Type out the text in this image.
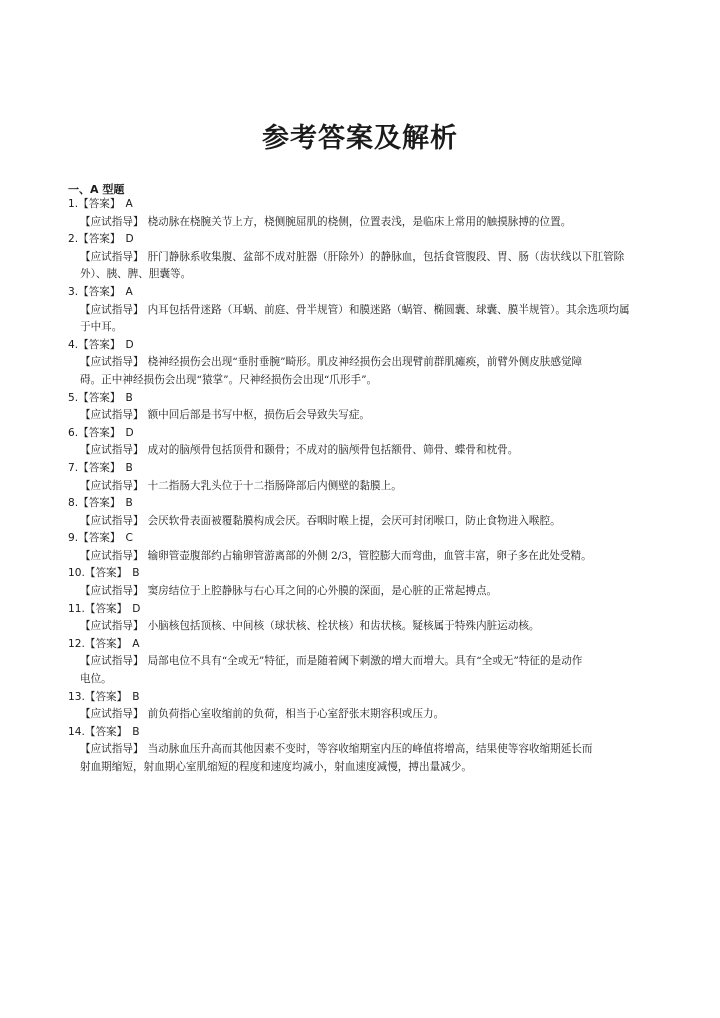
参考答案及解析
一、A 型题
1.【答案】 A
【应试指导】 桡动脉在桡腕关节上方，桡侧腕屈肌的桡侧，位置表浅，是临床上常用的触摸脉搏的位置。
2.【答案】 D
【应试指导】 肝门静脉系收集腹、盆部不成对脏器（肝除外）的静脉血，包括食管腹段、胃、肠（齿状线以下肛管除
外）、胰、脾、胆囊等。
3.【答案】 A
【应试指导】 内耳包括骨迷路（耳蜗、前庭、骨半规管）和膜迷路（蜗管、椭圆囊、球囊、膜半规管）。其余选项均属
于中耳。
4.【答案】 D
【应试指导】 桡神经损伤会出现“垂肘垂腕”畸形。肌皮神经损伤会出现臂前群肌瘫痪，前臂外侧皮肤感觉障
碍。正中神经损伤会出现“猿掌”。尺神经损伤会出现“爪形手”。
5.【答案】 B
【应试指导】 额中回后部是书写中枢，损伤后会导致失写症。
6.【答案】 D
【应试指导】 成对的脑颅骨包括顶骨和颞骨；不成对的脑颅骨包括额骨、筛骨、蝶骨和枕骨。
7.【答案】 B
【应试指导】 十二指肠大乳头位于十二指肠降部后内侧壁的黏膜上。
8.【答案】 B
【应试指导】 会厌软骨表面被覆黏膜构成会厌。吞咽时喉上提，会厌可封闭喉口，防止食物进入喉腔。
9.【答案】 C
【应试指导】 输卵管壶腹部约占输卵管游离部的外侧 2/3，管腔膨大而弯曲，血管丰富，卵子多在此处受精。
10.【答案】 B
【应试指导】 窦房结位于上腔静脉与右心耳之间的心外膜的深面，是心脏的正常起搏点。
11.【答案】 D
【应试指导】 小脑核包括顶核、中间核（球状核、栓状核）和齿状核。疑核属于特殊内脏运动核。
12.【答案】 A
【应试指导】 局部电位不具有“全或无”特征，而是随着阈下刺激的增大而增大。具有“全或无”特征的是动作
电位。
13.【答案】 B
【应试指导】 前负荷指心室收缩前的负荷，相当于心室舒张末期容积或压力。
14.【答案】 B
【应试指导】 当动脉血压升高而其他因素不变时，等容收缩期室内压的峰值将增高，结果使等容收缩期延长而
射血期缩短，射血期心室肌缩短的程度和速度均减小，射血速度减慢，搏出量减少。
